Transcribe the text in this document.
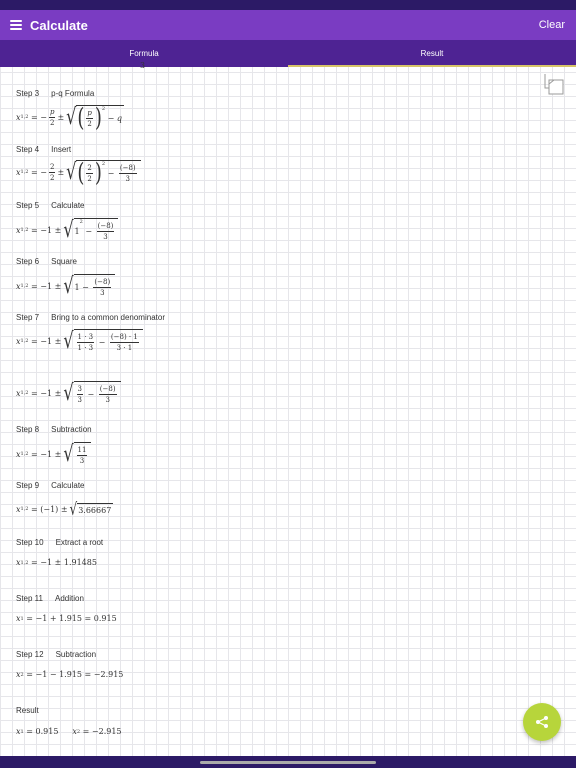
Calculate	Clear
Formula	Result
3
Step 3 p-q Formula
x 1,2
=
− $\frac{p}{2}$ ± √ ( $\frac{p}{2}$ ) 2

−
q
Step 4 Insert
x 1,2 = − $\frac{2}{2}$ ± √ ( $\frac{2}{2}$ ) 2
− $\frac{(-8)}{3}$
Step 5 Calculate
x 1,2 = −1 ± √ 1
2
− $\frac{(-8)}{3}$
Step 6 Square
x 1,2 = −1 ± √ $1 - \frac{(-8)}{3}$
Step 7 Bring to a common denominator
x 1,2 = −1 ± √ $\frac{1 \cdot 3}{1 \cdot 3} - \frac{(-8) \cdot 1}{3 \cdot 1}$
x 1,2 = −1 ± √ $\frac{3}{3} - \frac{(-8)}{3}$
Step 8 Subtraction
x 1,2 = −1 ± √ $\frac{11}{3}$
Step 9 Calculate
x 1,2 = (−1) ± √ 3.66667
Step 10 Extract a root
x 1,2 = −1 ± 1.91485
Step 11 Addition
x 1 = −1 + 1.915 = 0.915
Step 12 Subtraction
x 2 = −1 − 1.915 = −2.915
Result
x 1 = 0.915 x 2 = −2.915
